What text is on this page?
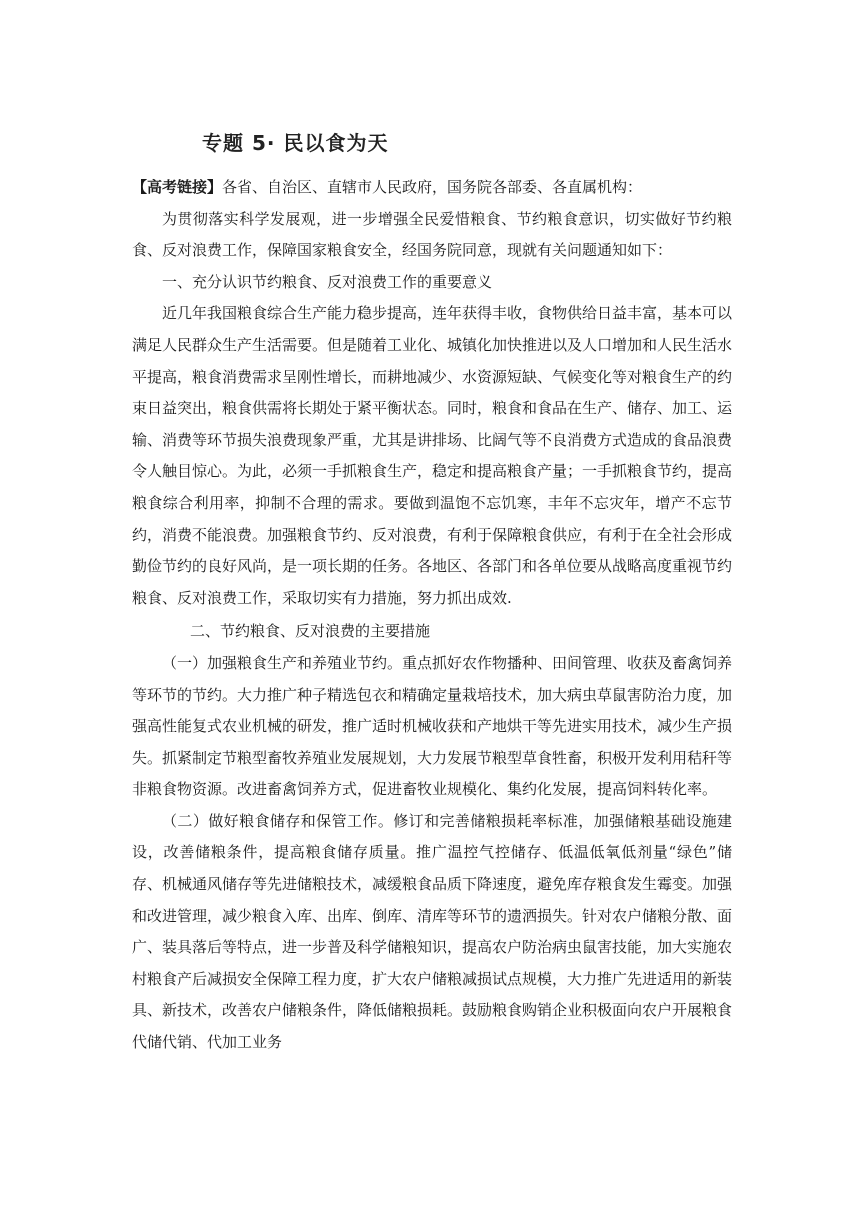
专题 5· 民以食为天

【高考链接】各省、自治区、直辖市人民政府，国务院各部委、各直属机构：

为贯彻落实科学发展观，进一步增强全民爱惜粮食、节约粮食意识，切实做好节约粮食、反对浪费工作，保障国家粮食安全，经国务院同意，现就有关问题通知如下：

一、充分认识节约粮食、反对浪费工作的重要意义

近几年我国粮食综合生产能力稳步提高，连年获得丰收，食物供给日益丰富，基本可以满足人民群众生产生活需要。但是随着工业化、城镇化加快推进以及人口增加和人民生活水平提高，粮食消费需求呈刚性增长，而耕地减少、水资源短缺、气候变化等对粮食生产的约束日益突出，粮食供需将长期处于紧平衡状态。同时，粮食和食品在生产、储存、加工、运输、消费等环节损失浪费现象严重，尤其是讲排场、比阔气等不良消费方式造成的食品浪费令人触目惊心。为此，必须一手抓粮食生产，稳定和提高粮食产量；一手抓粮食节约，提高粮食综合利用率，抑制不合理的需求。要做到温饱不忘饥寒，丰年不忘灾年，增产不忘节约，消费不能浪费。加强粮食节约、反对浪费，有利于保障粮食供应，有利于在全社会形成勤俭节约的良好风尚，是一项长期的任务。各地区、各部门和各单位要从战略高度重视节约粮食、反对浪费工作，采取切实有力措施，努力抓出成效.

二、节约粮食、反对浪费的主要措施

（一）加强粮食生产和养殖业节约。重点抓好农作物播种、田间管理、收获及畜禽饲养等环节的节约。大力推广种子精选包衣和精确定量栽培技术，加大病虫草鼠害防治力度，加强高性能复式农业机械的研发，推广适时机械收获和产地烘干等先进实用技术，减少生产损失。抓紧制定节粮型畜牧养殖业发展规划，大力发展节粮型草食牲畜，积极开发利用秸秆等非粮食物资源。改进畜禽饲养方式，促进畜牧业规模化、集约化发展，提高饲料转化率。

（二）做好粮食储存和保管工作。修订和完善储粮损耗率标准，加强储粮基础设施建设，改善储粮条件，提高粮食储存质量。推广温控气控储存、低温低氧低剂量“绿色”储存、机械通风储存等先进储粮技术，减缓粮食品质下降速度，避免库存粮食发生霉变。加强和改进管理，减少粮食入库、出库、倒库、清库等环节的遗洒损失。针对农户储粮分散、面广、装具落后等特点，进一步普及科学储粮知识，提高农户防治病虫鼠害技能，加大实施农村粮食产后减损安全保障工程力度，扩大农户储粮减损试点规模，大力推广先进适用的新装具、新技术，改善农户储粮条件，降低储粮损耗。鼓励粮食购销企业积极面向农户开展粮食代储代销、代加工业务
